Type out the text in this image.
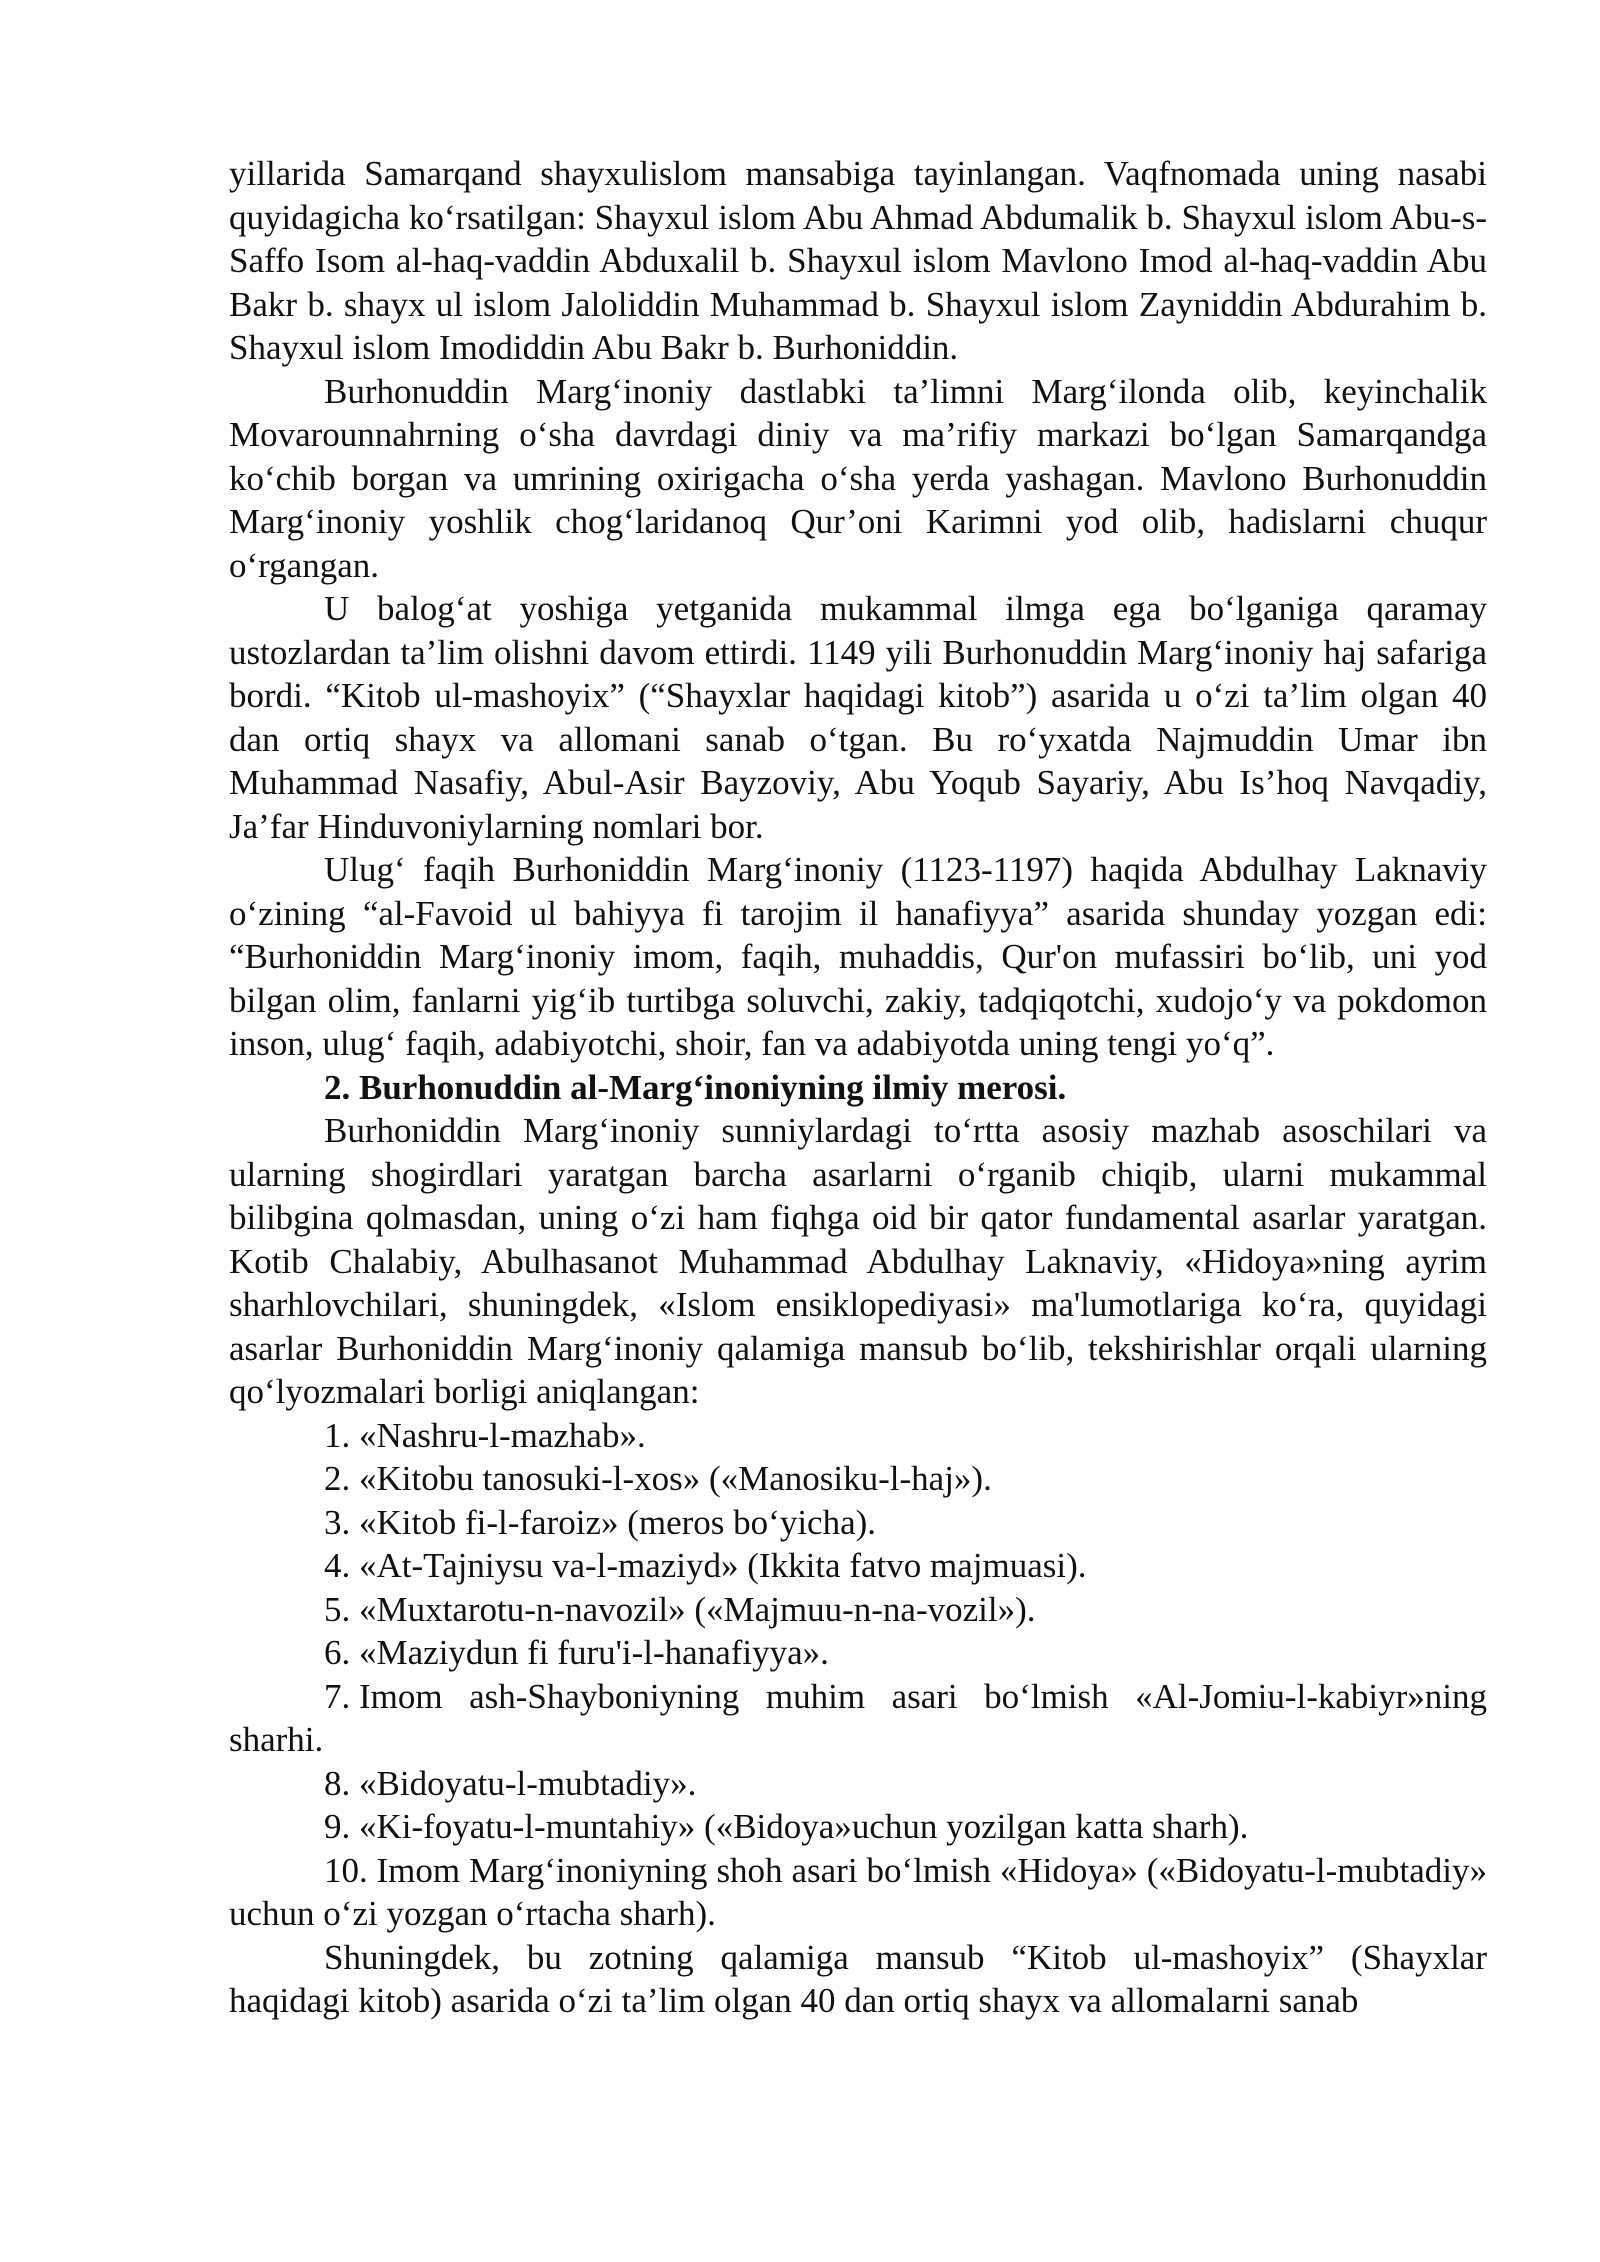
yillarida Samarqand shayxulislom mansabiga tayinlangan. Vaqfnomada uning nasabi quyidagicha ko‘rsatilgan: Shayxul islom Abu Ahmad Abdumalik b. Shayxul islom Abu-s-Saffo Isom al-haq-vaddin Abduxalil b. Shayxul islom Mavlono Imod al-haq-vaddin Abu Bakr b. shayx ul islom Jaloliddin Muhammad b. Shayxul islom Zayniddin Abdurahim b. Shayxul islom Imodiddin Abu Bakr b. Burhoniddin.

Burhonuddin Marg‘inoniy dastlabki ta’limni Marg‘ilonda olib, keyinchalik Movarounnahrning o‘sha davrdagi diniy va ma’rifiy markazi bo‘lgan Samarqandga ko‘chib borgan va umrining oxirigacha o‘sha yerda yashagan. Mavlono Burhonuddin Marg‘inoniy yoshlik chog‘laridanoq Qur’oni Karimni yod olib, hadislarni chuqur o‘rgangan.

U balog‘at yoshiga yetganida mukammal ilmga ega bo‘lganiga qaramay ustozlardan ta’lim olishni davom ettirdi. 1149 yili Burhonuddin Marg‘inoniy haj safariga bordi. “Kitob ul-mashoyix” (“Shayxlar haqidagi kitob”) asarida u o‘zi ta’lim olgan 40 dan ortiq shayx va allomani sanab o‘tgan. Bu ro‘yxatda Najmuddin Umar ibn Muhammad Nasafiy, Abul-Asir Bayzoviy, Abu Yoqub Sayariy, Abu Is’hoq Navqadiy, Ja’far Hinduvoniylarning nomlari bor.

Ulug‘ faqih Burhoniddin Marg‘inoniy (1123-1197) haqida Abdulhay Laknaviy o‘zining “al-Favoid ul bahiyya fi tarojim il hanafiyya” asarida shunday yozgan edi: “Burhoniddin Marg‘inoniy imom, faqih, muhaddis, Qur'on mufassiri bo‘lib, uni yod bilgan olim, fanlarni yig‘ib turtibga soluvchi, zakiy, tadqiqotchi, xudojo‘y va pokdomon inson, ulug‘ faqih, adabiyotchi, shoir, fan va adabiyotda uning tengi yo‘q”.

2. Burhonuddin al-Marg‘inoniyning ilmiy merosi.

Burhoniddin Marg‘inoniy sunniylardagi to‘rtta asosiy mazhab asoschilari va ularning shogirdlari yaratgan barcha asarlarni o‘rganib chiqib, ularni mukammal bilibgina qolmasdan, uning o‘zi ham fiqhga oid bir qator fundamental asarlar yaratgan. Kotib Chalabiy, Abulhasanot Muhammad Abdulhay Laknaviy, «Hidoya»ning ayrim sharhlovchilari, shuningdek, «Islom ensiklopediyasi» ma'lumotlariga ko‘ra, quyidagi asarlar Burhoniddin Marg‘inoniy qalamiga mansub bo‘lib, tekshirishlar orqali ularning qo‘lyozmalari borligi aniqlangan:

1. «Nashru-l-mazhab».

2. «Kitobu tanosuki-l-xos» («Manosiku-l-haj»).

3. «Kitob fi-l-faroiz» (meros bo‘yicha).

4. «At-Tajniysu va-l-maziyd» (Ikkita fatvo majmuasi).

5. «Muxtarotu-n-navozil» («Majmuu-n-na-vozil»).

6. «Maziydun fi furu'i-l-hanafiyya».

7. Imom ash-Shayboniyning muhim asari bo‘lmish «Al-Jomiu-l-kabiyr»ning sharhi.

8. «Bidoyatu-l-mubtadiy».

9. «Ki-foyatu-l-muntahiy» («Bidoya»uchun yozilgan katta sharh).

10. Imom Marg‘inoniyning shoh asari bo‘lmish «Hidoya» («Bidoyatu-l-mubtadiy» uchun o‘zi yozgan o‘rtacha sharh).

Shuningdek, bu zotning qalamiga mansub “Kitob ul-mashoyix” (Shayxlar haqidagi kitob) asarida o‘zi ta’lim olgan 40 dan ortiq shayx va allomalarni sanab
